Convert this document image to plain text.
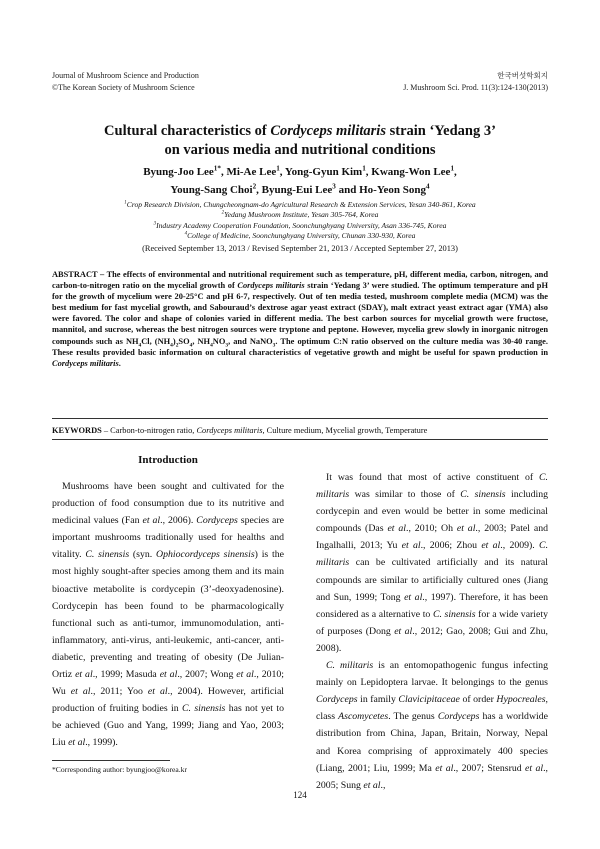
Journal of Mushroom Science and Production
©The Korean Society of Mushroom Science
한국버섯학회지
J. Mushroom Sci. Prod. 11(3):124-130(2013)
Cultural characteristics of Cordyceps militaris strain ‘Yedang 3’
on various media and nutritional conditions
Byung-Joo Lee$^{1*}$, Mi-Ae Lee$^1$, Yong-Gyun Kim$^1$, Kwang-Won Lee$^1$,
Young-Sang Choi$^2$, Byung-Eui Lee$^3$ and Ho-Yeon Song$^4$
$^1$Crop Research Division, Chungcheongnam-do Agricultural Research & Extension Services, Yesan 340-861, Korea
$^2$Yedang Mushroom Institute, Yesan 305-764, Korea
$^3$Industry Academy Cooperation Foundation, Soonchunghyang University, Asan 336-745, Korea
$^4$College of Medicine, Soonchunghyang University, Chunan 330-930, Korea
(Received September 13, 2013 / Revised September 21, 2013 / Accepted September 27, 2013)
ABSTRACT – The effects of environmental and nutritional requirement such as temperature, pH, different media, carbon, nitrogen, and carbon-to-nitrogen ratio on the mycelial growth of Cordyceps militaris strain ‘Yedang 3’ were studied. The optimum temperature and pH for the growth of mycelium were 20-25°C and pH 6-7, respectively. Out of ten media tested, mushroom complete media (MCM) was the best medium for fast mycelial growth, and Sabouraud’s dextrose agar yeast extract (SDAY), malt extract yeast extract agar (YMA) also were favored. The color and shape of colonies varied in different media. The best carbon sources for mycelial growth were fructose, mannitol, and sucrose, whereas the best nitrogen sources were tryptone and peptone. However, mycelia grew slowly in inorganic nitrogen compounds such as $NH_4Cl$, $(NH_4)_2SO_4$, $NH_4NO_3$, and NaNO$_3$. The optimum C:N ratio observed on the culture media was 30-40 range. These results provided basic information on cultural characteristics of vegetative growth and might be useful for spawn production in Cordyceps militaris.
KEYWORDS – Carbon-to-nitrogen ratio, Cordyceps militaris, Culture medium, Mycelial growth, Temperature
Introduction

Mushrooms have been sought and cultivated for the production of food consumption due to its nutritive and medicinal values (Fan et al., 2006). Cordyceps species are important mushrooms traditionally used for healths and vitality. C. sinensis (syn. Ophiocordyceps sinensis) is the most highly sought-after species among them and its main bioactive metabolite is cordycepin (3’-deoxyadenosine). Cordycepin has been found to be pharmacologically functional such as anti-tumor, immunomodulation, anti-inflammatory, anti-virus, anti-leukemic, anti-cancer, anti-diabetic, preventing and treating of obesity (De Julian-Ortiz et al., 1999; Masuda et al., 2007; Wong et al., 2010; Wu et al., 2011; Yoo et al., 2004). However, artificial production of fruiting bodies in C. sinensis has not yet to be achieved (Guo and Yang, 1999; Jiang and Yao, 2003; Liu et al., 1999).

It was found that most of active constituent of C. militaris was similar to those of C. sinensis including cordycepin and even would be better in some medicinal compounds (Das et al., 2010; Oh et al., 2003; Patel and Ingalhalli, 2013; Yu et al., 2006; Zhou et al., 2009). C. militaris can be cultivated artificially and its natural compounds are similar to artificially cultured ones (Jiang and Sun, 1999; Tong et al., 1997). Therefore, it has been considered as a alternative to C. sinensis for a wide variety of purposes (Dong et al., 2012; Gao, 2008; Gui and Zhu, 2008).

C. militaris is an entomopathogenic fungus infecting mainly on Lepidoptera larvae. It belongings to the genus Cordyceps in family Clavicipitaceae of order Hypocreales, class Ascomycetes. The genus Cordyceps has a worldwide distribution from China, Japan, Britain, Norway, Nepal and Korea comprising of approximately 400 species (Liang, 2001; Liu, 1999; Ma et al., 2007; Stensrud et al., 2005; Sung et al.,

*Corresponding author: byungjoo@korea.kr
124
